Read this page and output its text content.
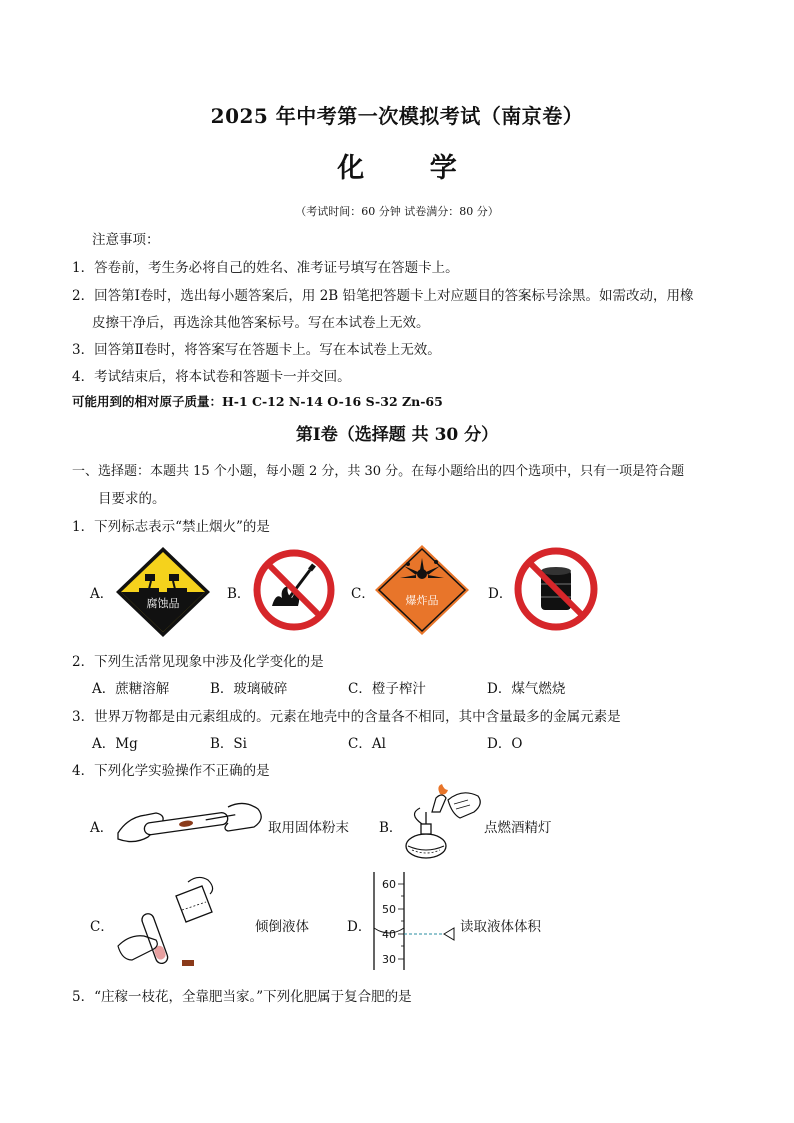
2025 年中考第一次模拟考试（南京卷）
化 学
（考试时间：60 分钟 试卷满分：80 分）
注意事项：
1．答卷前，考生务必将自己的姓名、准考证号填写在答题卡上。
2．回答第Ⅰ卷时，选出每小题答案后，用 2B 铅笔把答题卡上对应题目的答案标号涂黑。如需改动，用橡
皮擦干净后，再选涂其他答案标号。写在本试卷上无效。
3．回答第Ⅱ卷时，将答案写在答题卡上。写在本试卷上无效。
4．考试结束后，将本试卷和答题卡一并交回。
可能用到的相对原子质量：H-1 C-12 N-14 O-16 S-32 Zn-65
第Ⅰ卷（选择题 共 30 分）
一、选择题：本题共 15 个小题，每小题 2 分，共 30 分。在每小题给出的四个选项中，只有一项是符合题
目要求的。
1．下列标志表示“禁止烟火”的是
A．	B．	C．	D．
腐蚀品	爆炸品
2．下列生活常见现象中涉及化学变化的是
A．蔗糖溶解	B．玻璃破碎	C．橙子榨汁	D．煤气燃烧
3．世界万物都是由元素组成的。元素在地壳中的含量各不相同，其中含量最多的金属元素是
A．Mg	B．Si	C．Al	D．O
4．下列化学实验操作不正确的是
A．	B．
C．	D．
取用固体粉末	点燃酒精灯
倾倒液体
60
50
40
30
读取液体体积
5．“庄稼一枝花，全靠肥当家。”下列化肥属于复合肥的是
